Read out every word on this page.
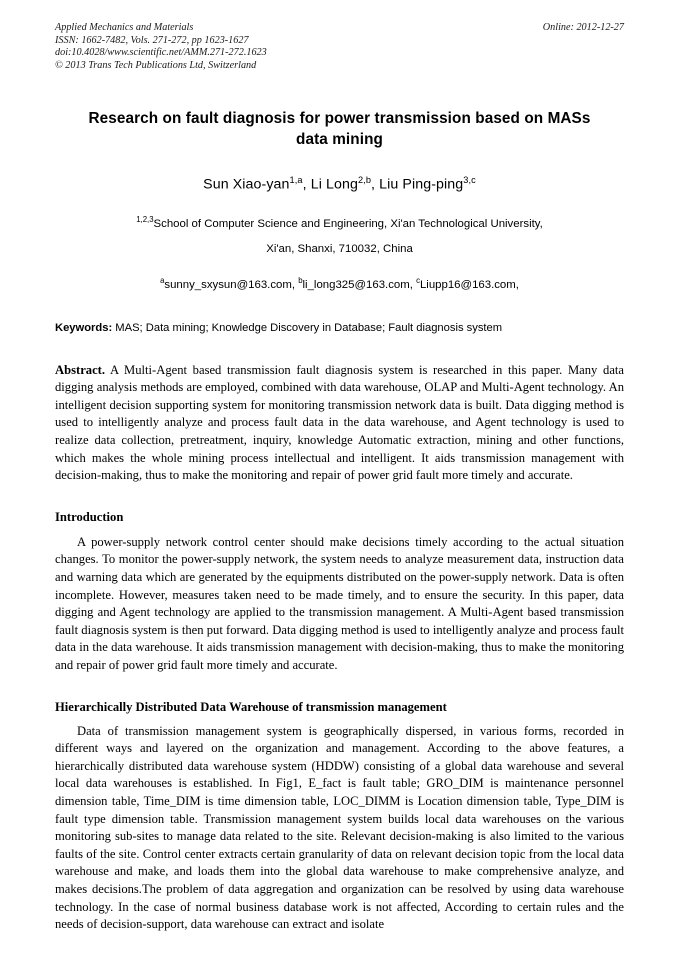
Applied Mechanics and Materials
ISSN: 1662-7482, Vols. 271-272, pp 1623-1627
doi:10.4028/www.scientific.net/AMM.271-272.1623
© 2013 Trans Tech Publications Ltd, Switzerland
Online: 2012-12-27
Research on fault diagnosis for power transmission based on MASs data mining
Sun Xiao-yan$^{1,a}$, Li Long$^{2,b}$, Liu Ping-ping$^{3,c}$
$^{1,2,3}$School of Computer Science and Engineering, Xi'an Technological University,
Xi'an, Shanxi, 710032, China
$^a$sunny_sxysun@163.com, $^b$li_long325@163.com, $^c$Liupp16@163.com,
Keywords: MAS; Data mining; Knowledge Discovery in Database; Fault diagnosis system
Abstract. A Multi-Agent based transmission fault diagnosis system is researched in this paper. Many data digging analysis methods are employed, combined with data warehouse, OLAP and Multi-Agent technology. An intelligent decision supporting system for monitoring transmission network data is built. Data digging method is used to intelligently analyze and process fault data in the data warehouse, and Agent technology is used to realize data collection, pretreatment, inquiry, knowledge Automatic extraction, mining and other functions, which makes the whole mining process intellectual and intelligent. It aids transmission management with decision-making, thus to make the monitoring and repair of power grid fault more timely and accurate.
Introduction
A power-supply network control center should make decisions timely according to the actual situation changes. To monitor the power-supply network, the system needs to analyze measurement data, instruction data and warning data which are generated by the equipments distributed on the power-supply network. Data is often incomplete. However, measures taken need to be made timely, and to ensure the security. In this paper, data digging and Agent technology are applied to the transmission management. A Multi-Agent based transmission fault diagnosis system is then put forward. Data digging method is used to intelligently analyze and process fault data in the data warehouse. It aids transmission management with decision-making, thus to make the monitoring and repair of power grid fault more timely and accurate.
Hierarchically Distributed Data Warehouse of transmission management
Data of transmission management system is geographically dispersed, in various forms, recorded in different ways and layered on the organization and management. According to the above features, a hierarchically distributed data warehouse system (HDDW) consisting of a global data warehouse and several local data warehouses is established. In Fig1, E_fact is fault table; GRO_DIM is maintenance personnel dimension table, Time_DIM is time dimension table, LOC_DIMM is Location dimension table, Type_DIM is fault type dimension table. Transmission management system builds local data warehouses on the various monitoring sub-sites to manage data related to the site. Relevant decision-making is also limited to the various faults of the site. Control center extracts certain granularity of data on relevant decision topic from the local data warehouse and make, and loads them into the global data warehouse to make comprehensive analyze, and makes decisions.The problem of data aggregation and organization can be resolved by using data warehouse technology. In the case of normal business database work is not affected, According to certain rules and the needs of decision-support, data warehouse can extract and isolate
